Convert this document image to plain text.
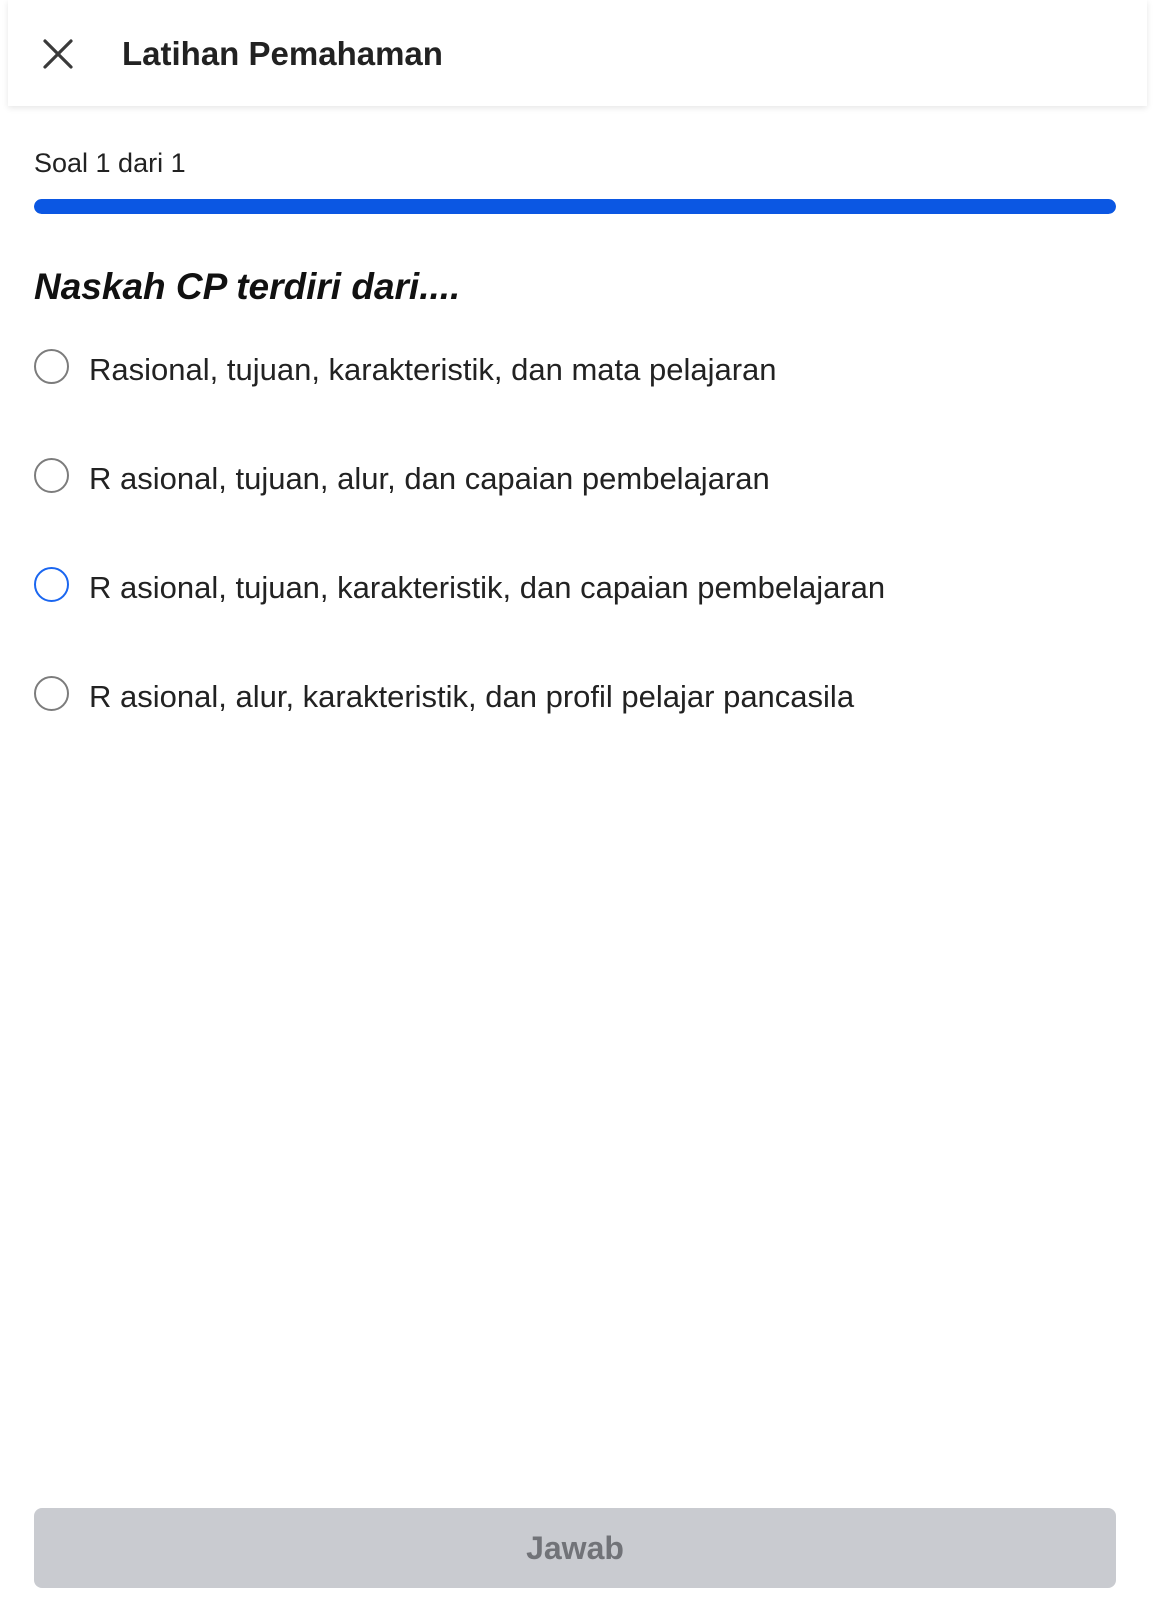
Latihan Pemahaman
Soal 1 dari 1
Naskah CP terdiri dari....
Rasional, tujuan, karakteristik, dan mata pelajaran
R asional, tujuan, alur, dan capaian pembelajaran
R asional, tujuan, karakteristik, dan capaian pembelajaran
R asional, alur, karakteristik, dan profil pelajar pancasila
Jawab
